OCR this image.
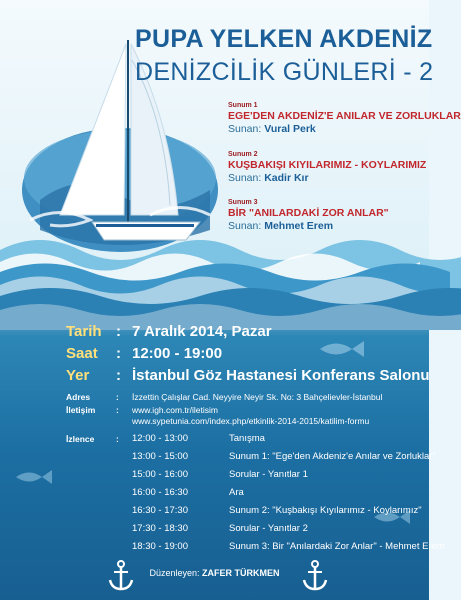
PUPA YELKEN AKDENİZ
DENİZCİLİK GÜNLERİ - 2
Sunum 1
EGE'DEN AKDENİZ'E ANILAR VE ZORLUKLAR
Sunan: Vural Perk
Sunum 2
KUŞBAKIŞI KIYILARIMIZ - KOYLARIMIZ
Sunan: Kadir Kır
Sunum 3
BİR "ANILARDAKİ ZOR ANLAR"
Sunan: Mehmet Erem
Tarih : 7 Aralık 2014, Pazar
Saat : 12:00 - 19:00
Yer : İstanbul Göz Hastanesi Konferans Salonu
Adres	: İzzettin Çalışlar Cad. Neyyire Neyir Sk. No: 3 Bahçelievler-İstanbul
İletişim : www.igh.com.tr/iletisim
www.sypetunia.com/index.php/etkinlik-2014-2015/katilim-formu
İzlence	: 12:00 - 13:00	Tanışma
13:00 - 15:00	Sunum 1: "Ege'den Akdeniz'e Anılar ve Zorluklar"
15:00 - 16:00	Sorular - Yanıtlar 1
16:00 - 16:30	Ara
16:30 - 17:30	Sunum 2: "Kuşbakışı Kıyılarımız - Koylarımız"
17:30 - 18:30	Sorular - Yanıtlar 2
18:30 - 19:00	Sunum 3: Bir "Anılardaki Zor Anlar" - Mehmet Erem
Düzenleyen: ZAFER TÜRKMEN
